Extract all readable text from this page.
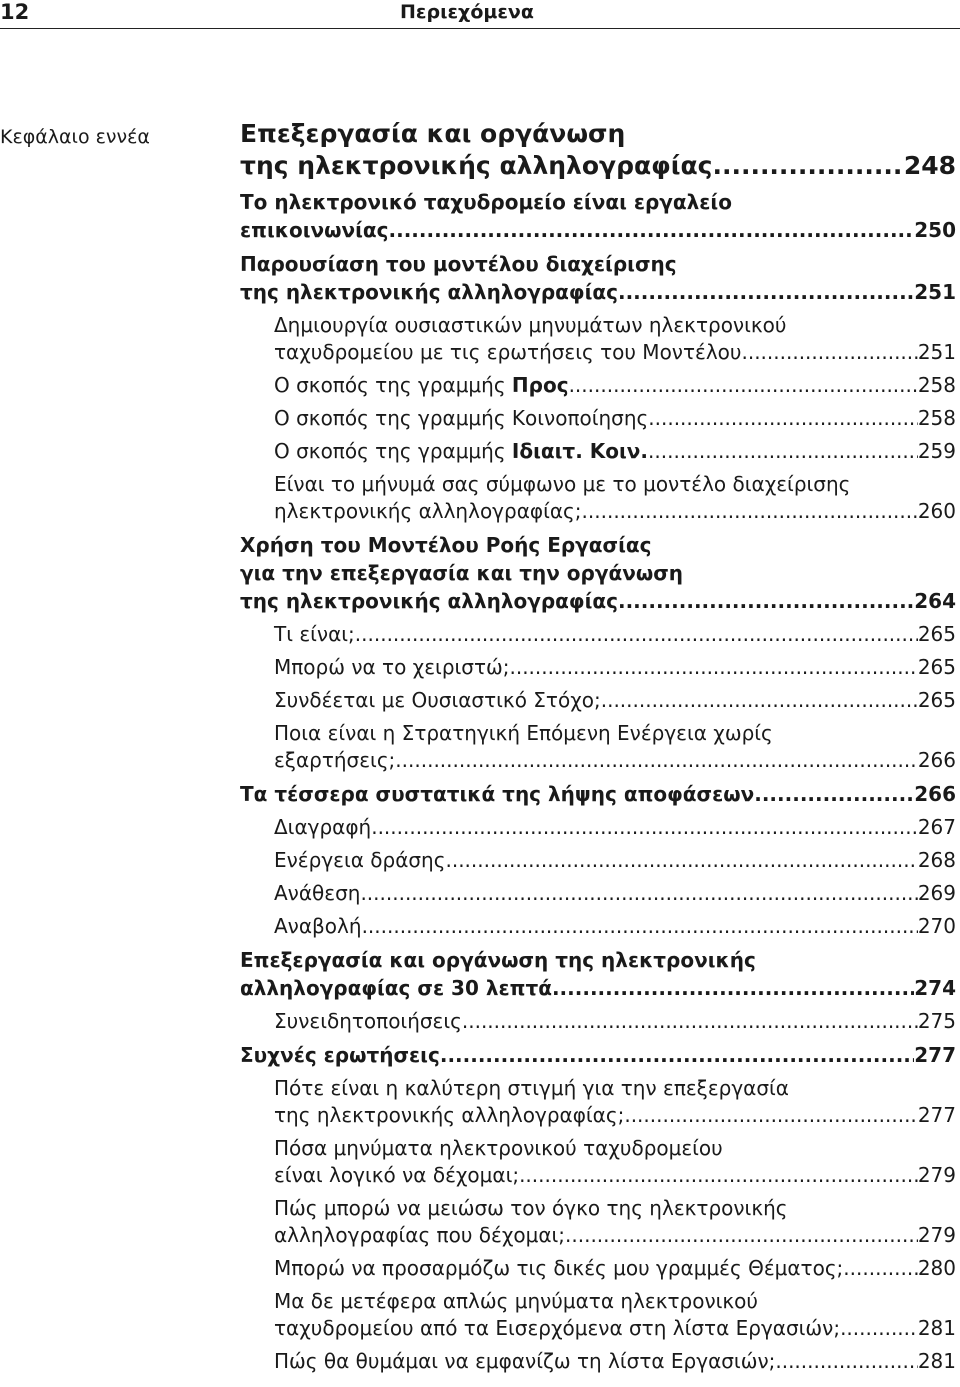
12	Περιεχόμενα
Κεφάλαιο εννέα	Επεξεργασία και οργάνωση
της ηλεκτρονικής αλληλογραφίας .....	248
Το ηλεκτρονικό ταχυδρομείο είναι εργαλείο
επικοινωνίας .....	250
Παρουσίαση του μοντέλου διαχείρισης
της ηλεκτρονικής αλληλογραφίας .....	251
Δημιουργία ουσιαστικών μηνυμάτων ηλεκτρονικού
ταχυδρομείου με τις ερωτήσεις του Μοντέλου .....	251
Ο σκοπός της γραμμής Προς .....	258
Ο σκοπός της γραμμής Κοινοποίησης .....	258
Ο σκοπός της γραμμής Ιδιαιτ. Κοιν. .....	259
Είναι το μήνυμά σας σύμφωνο με το μοντέλο διαχείρισης
ηλεκτρονικής αλληλογραφίας; .....	260
Χρήση του Μοντέλου Ροής Εργασίας
για την επεξεργασία και την οργάνωση
της ηλεκτρονικής αλληλογραφίας .....	264
Τι είναι; .....	265
Μπορώ να το χειριστώ; .....	265
Συνδέεται με Ουσιαστικό Στόχο; .....	265
Ποια είναι η Στρατηγική Επόμενη Ενέργεια χωρίς
εξαρτήσεις; .....	266
Τα τέσσερα συστατικά της λήψης αποφάσεων .....	266
Διαγραφή .....	267
Ενέργεια δράσης .....	268
Ανάθεση .....	269
Αναβολή .....	270
Επεξεργασία και οργάνωση της ηλεκτρονικής
αλληλογραφίας σε 30 λεπτά .....	274
Συνειδητοποιήσεις .....	275
Συχνές ερωτήσεις .....	277
Πότε είναι η καλύτερη στιγμή για την επεξεργασία
της ηλεκτρονικής αλληλογραφίας; .....	277
Πόσα μηνύματα ηλεκτρονικού ταχυδρομείου
είναι λογικό να δέχομαι; .....	279
Πώς μπορώ να μειώσω τον όγκο της ηλεκτρονικής
αλληλογραφίας που δέχομαι; .....	279
Μπορώ να προσαρμόζω τις δικές μου γραμμές Θέματος; .....	280
Μα δε μετέφερα απλώς μηνύματα ηλεκτρονικού
ταχυδρομείου από τα Εισερχόμενα στη λίστα Εργασιών; .....	281
Πώς θα θυμάμαι να εμφανίζω τη λίστα Εργασιών; .....	281
